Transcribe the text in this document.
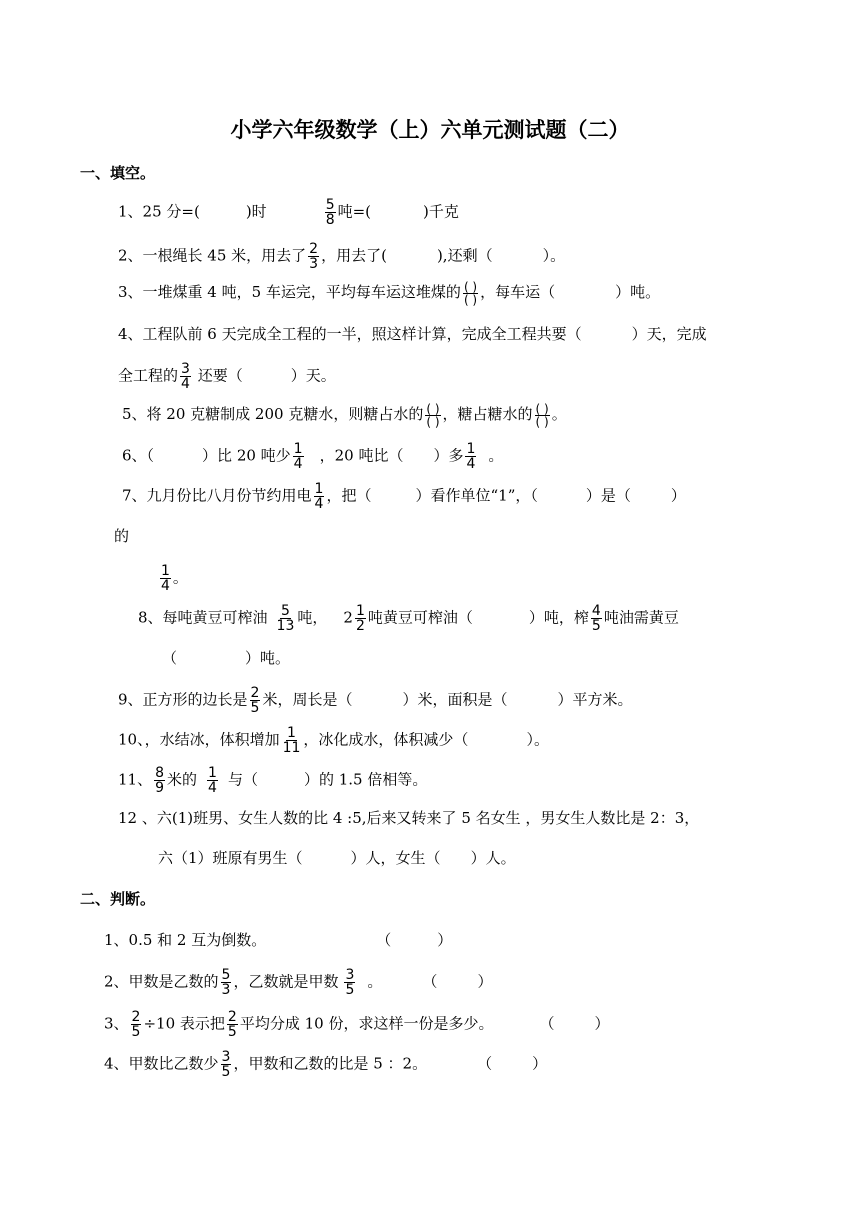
小学六年级数学（上）六单元测试题（二）
一、填空。
1、25 分=(	)时	$\frac{5}{8}$ 吨=(	)千克
2、一根绳长 45 米，用去了 $\frac{2}{3}$ ，用去了(	),还剩（	）。
3、一堆煤重 4 吨，5 车运完，平均每车运这堆煤的 $\frac{( )}{( )}$ ，每车运（	）吨。
4、工程队前 6 天完成全工程的一半，照这样计算，完成全工程共要（	）天，完成
全工程的 $\frac{3}{4}$ 还要（	）天。
5、将 20 克糖制成 200 克糖水，则糖占水的 $\frac{( )}{( )}$ ，糖占糖水的 $\frac{( )}{( )}$ 。
6、（	）比 20 吨少 $\frac{1}{4}$ ，20 吨比（ ）多 $\frac{1}{4}$ 。
7、九月份比八月份节约用电 $\frac{1}{4}$ ，把（	）看作单位“1”，（	）是（	）
的
$\frac{1}{4}$ 。
8、每吨黄豆可榨油 $\frac{5}{13}$ 吨， $2 \frac{1}{2}$ 吨黄豆可榨油（	）吨，榨 $\frac{4}{5}$ 吨油需黄豆
（	）吨。
9、正方形的边长是 $\frac{2}{5}$ 米，周长是（	）米，面积是（	）平方米。
10、，水结冰，体积增加 $\frac{1}{11}$ ，冰化成水，体积减少（	）。
11、 $\frac{8}{9}$ 米的 $\frac{1}{4}$ 与（	）的 1.5 倍相等。
12 、六(1)班男、女生人数的比 4 :5,后来又转来了 5 名女生 ，男女生人数比是 2：3，
六（1）班原有男生（	）人，女生（ ）人。
二、判断。
1、0.5 和 2 互为倒数。	（	）
2、甲数是乙数的 $\frac{5}{3}$ ，乙数就是甲数 $\frac{3}{5}$ 。	（	）
3、 $\frac{2}{5} \div 10$ 表示把 $\frac{2}{5}$ 平均分成 10 份，求这样一份是多少。	（	）
4、甲数比乙数少 $\frac{3}{5}$ ，甲数和乙数的比是 5 ：2。	（	）
